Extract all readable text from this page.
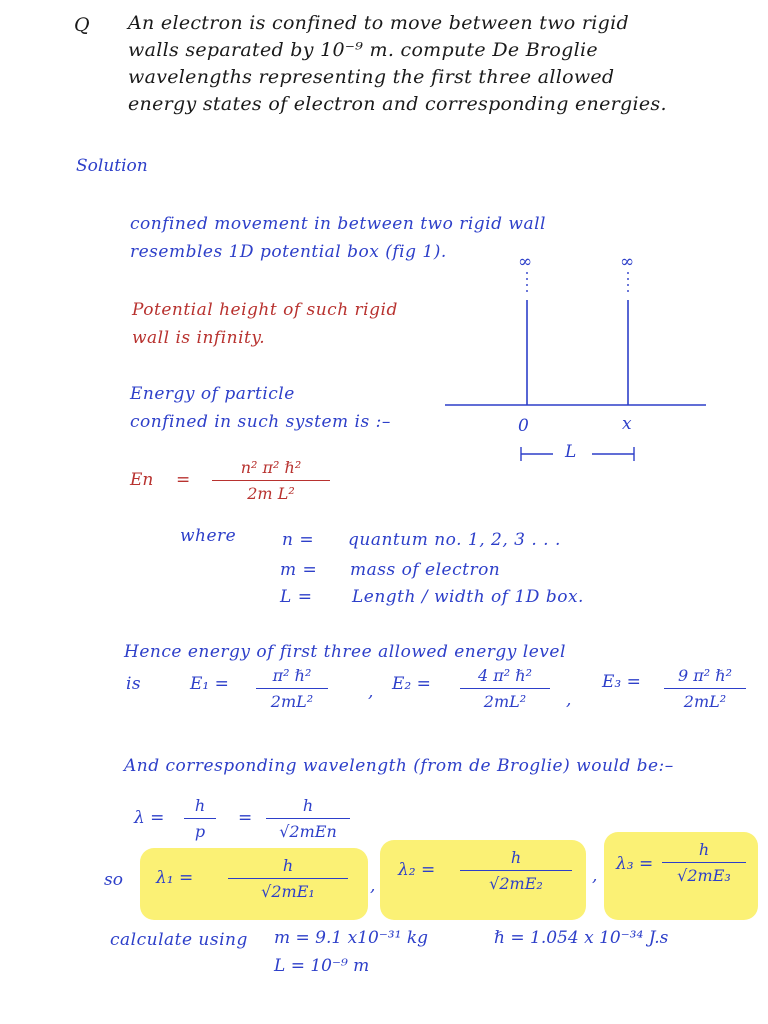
Q An electron is confined to move between two rigid
walls separated by 10⁻⁹ m. compute De Broglie
wavelengths representing the first three allowed
energy states of electron and corresponding energies.
Solution
confined movement in between two rigid wall
resembles 1D potential box (fig 1).
Potential height of such rigid
wall is infinity.
Energy of particle
confined in such system is :–
∞	∞
0	x
L
En =
n² π² ℏ²
2m L²
where	n = quantum no. 1, 2, 3 . . .
m = mass of electron
L = Length / width of 1D box.
Hence energy of first three allowed energy level
is	E₁ =	π² ℏ²
2mL²	, E₂ =	4 π² ℏ²
2mL²	,
E₃ =	9 π² ℏ²
2mL²
And corresponding wavelength (from de Broglie) would be:–
λ =
h
p
=
h
√2mEn
so λ₁ =
h
√2mE₁	,
λ₂ =
h
√2mE₂	,
λ₃ =
h
√2mE₃
calculate using m = 9.1 x10⁻³¹ kg	ℏ = 1.054 x 10⁻³⁴ J.s
L = 10⁻⁹ m
